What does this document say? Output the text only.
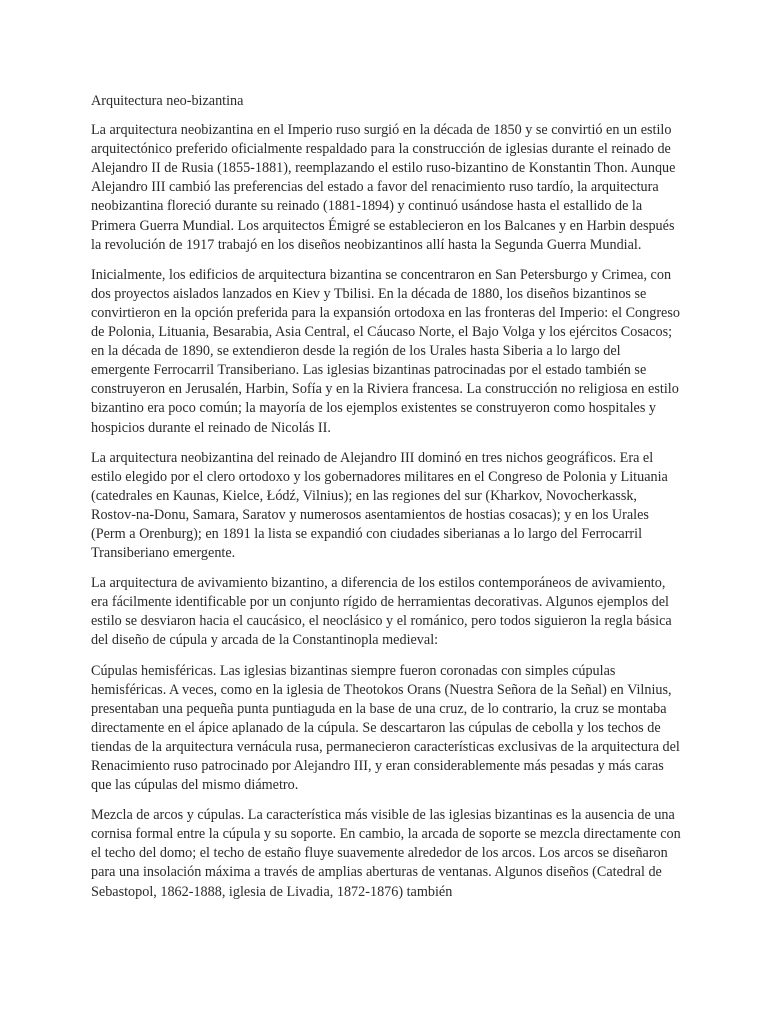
Arquitectura neo-bizantina

La arquitectura neobizantina en el Imperio ruso surgió en la década de 1850 y se convirtió en un estilo arquitectónico preferido oficialmente respaldado para la construcción de iglesias durante el reinado de Alejandro II de Rusia (1855-1881), reemplazando el estilo ruso-bizantino de Konstantin Thon. Aunque Alejandro III cambió las preferencias del estado a favor del renacimiento ruso tardío, la arquitectura neobizantina floreció durante su reinado (1881-1894) y continuó usándose hasta el estallido de la Primera Guerra Mundial. Los arquitectos Émigré se establecieron en los Balcanes y en Harbin después la revolución de 1917 trabajó en los diseños neobizantinos allí hasta la Segunda Guerra Mundial.

Inicialmente, los edificios de arquitectura bizantina se concentraron en San Petersburgo y Crimea, con dos proyectos aislados lanzados en Kiev y Tbilisi. En la década de 1880, los diseños bizantinos se convirtieron en la opción preferida para la expansión ortodoxa en las fronteras del Imperio: el Congreso de Polonia, Lituania, Besarabia, Asia Central, el Cáucaso Norte, el Bajo Volga y los ejércitos Cosacos; en la década de 1890, se extendieron desde la región de los Urales hasta Siberia a lo largo del emergente Ferrocarril Transiberiano. Las iglesias bizantinas patrocinadas por el estado también se construyeron en Jerusalén, Harbin, Sofía y en la Riviera francesa. La construcción no religiosa en estilo bizantino era poco común; la mayoría de los ejemplos existentes se construyeron como hospitales y hospicios durante el reinado de Nicolás II.

La arquitectura neobizantina del reinado de Alejandro III dominó en tres nichos geográficos. Era el estilo elegido por el clero ortodoxo y los gobernadores militares en el Congreso de Polonia y Lituania (catedrales en Kaunas, Kielce, Łódź, Vilnius); en las regiones del sur (Kharkov, Novocherkassk, Rostov-na-Donu, Samara, Saratov y numerosos asentamientos de hostias cosacas); y en los Urales (Perm a Orenburg); en 1891 la lista se expandió con ciudades siberianas a lo largo del Ferrocarril Transiberiano emergente.

La arquitectura de avivamiento bizantino, a diferencia de los estilos contemporáneos de avivamiento, era fácilmente identificable por un conjunto rígido de herramientas decorativas. Algunos ejemplos del estilo se desviaron hacia el caucásico, el neoclásico y el románico, pero todos siguieron la regla básica del diseño de cúpula y arcada de la Constantinopla medieval:

Cúpulas hemisféricas. Las iglesias bizantinas siempre fueron coronadas con simples cúpulas hemisféricas. A veces, como en la iglesia de Theotokos Orans (Nuestra Señora de la Señal) en Vilnius, presentaban una pequeña punta puntiaguda en la base de una cruz, de lo contrario, la cruz se montaba directamente en el ápice aplanado de la cúpula. Se descartaron las cúpulas de cebolla y los techos de tiendas de la arquitectura vernácula rusa, permanecieron características exclusivas de la arquitectura del Renacimiento ruso patrocinado por Alejandro III, y eran considerablemente más pesadas y más caras que las cúpulas del mismo diámetro.

Mezcla de arcos y cúpulas. La característica más visible de las iglesias bizantinas es la ausencia de una cornisa formal entre la cúpula y su soporte. En cambio, la arcada de soporte se mezcla directamente con el techo del domo; el techo de estaño fluye suavemente alrededor de los arcos. Los arcos se diseñaron para una insolación máxima a través de amplias aberturas de ventanas. Algunos diseños (Catedral de Sebastopol, 1862-1888, iglesia de Livadia, 1872-1876) también
